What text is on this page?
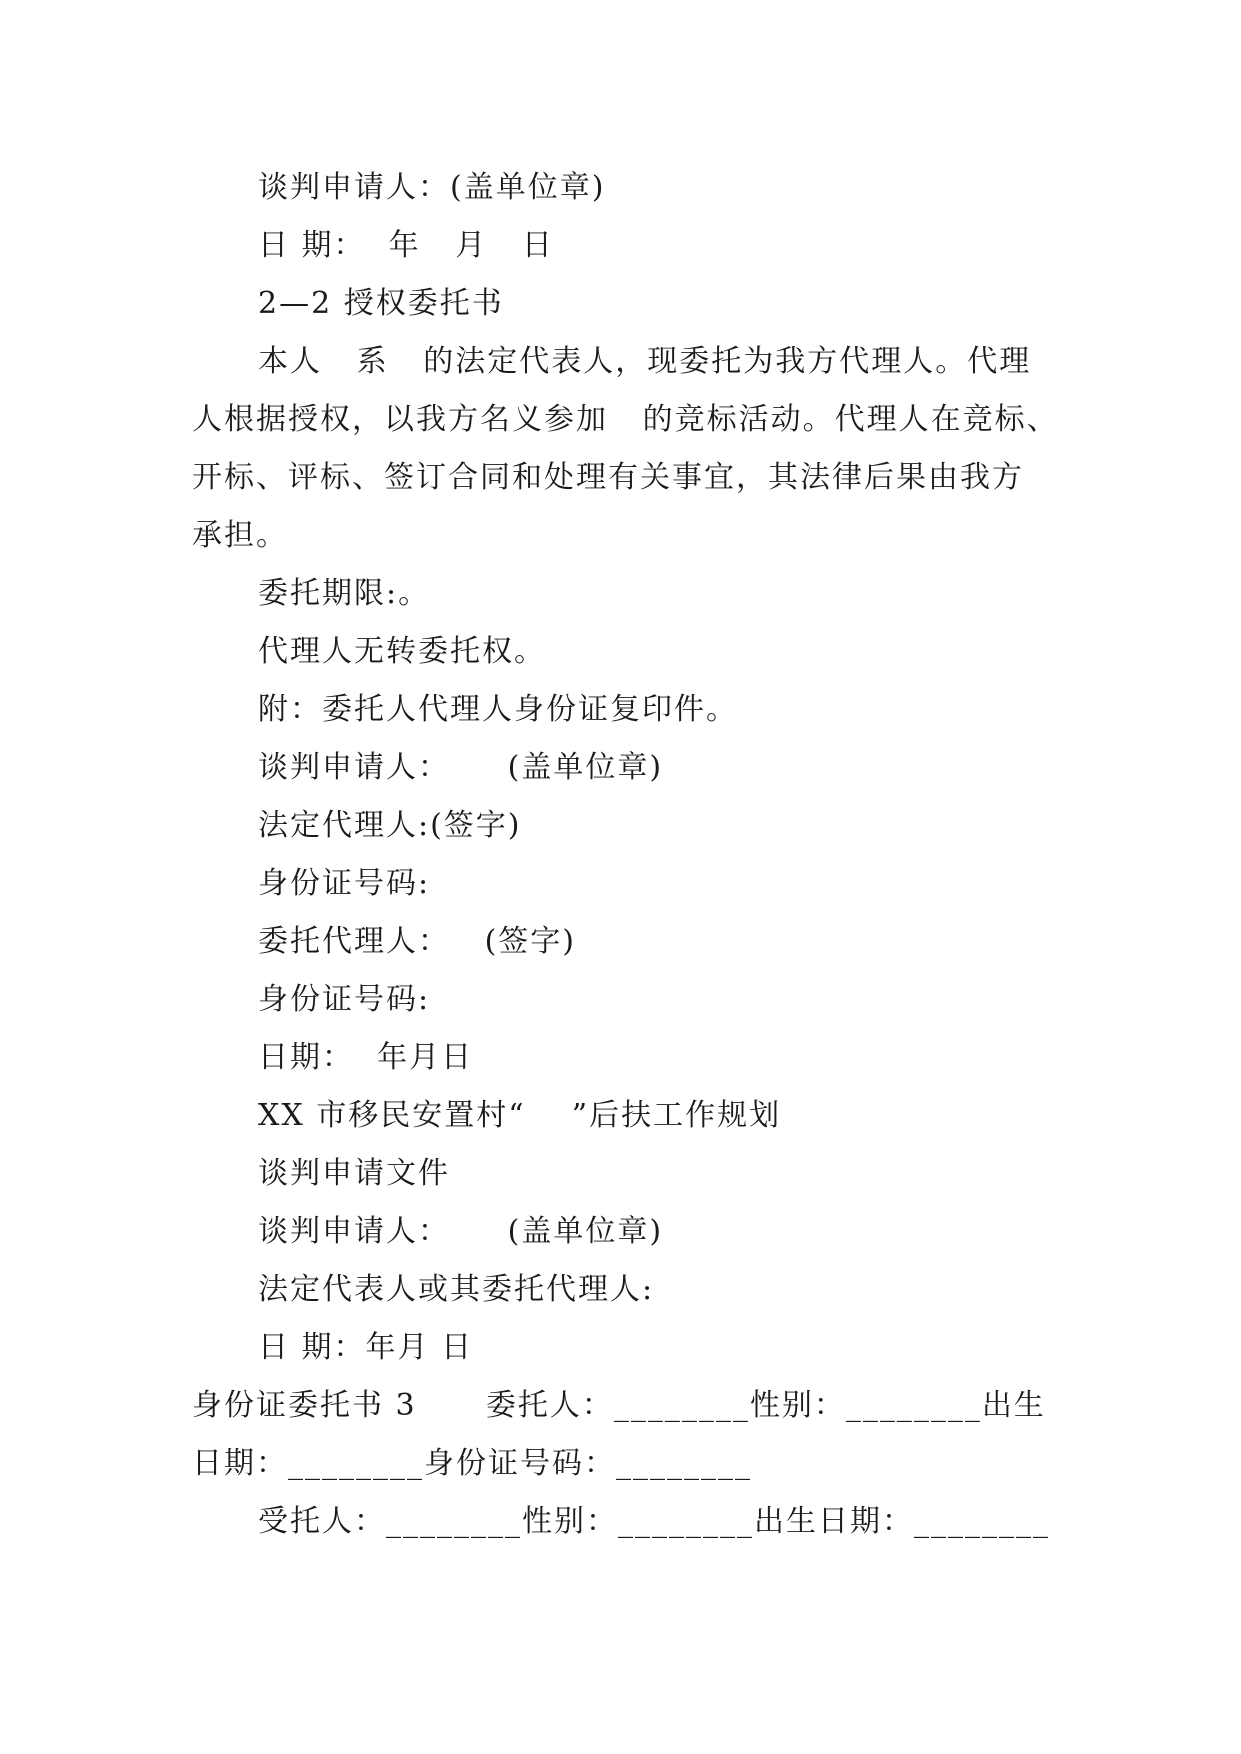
谈判申请人：(盖单位章)
日 期：  年   月   日
2—2 授权委托书
本人   系   的法定代表人，现委托为我方代理人。代理
人根据授权，以我方名义参加   的竞标活动。代理人在竞标、
开标、评标、签订合同和处理有关事宜，其法律后果由我方
承担。
委托期限:。
代理人无转委托权。
附：委托人代理人身份证复印件。
谈判申请人：     (盖单位章)
法定代理人:(签字)
身份证号码:
委托代理人：   (签字)
身份证号码:
日期：  年月日
XX 市移民安置村“    ”后扶工作规划
谈判申请文件
谈判申请人：     (盖单位章)
法定代表人或其委托代理人:
日 期：年月 日
身份证委托书 3      委托人：________性别：________出生
日期：________身份证号码：________
受托人：________性别：________出生日期：________
